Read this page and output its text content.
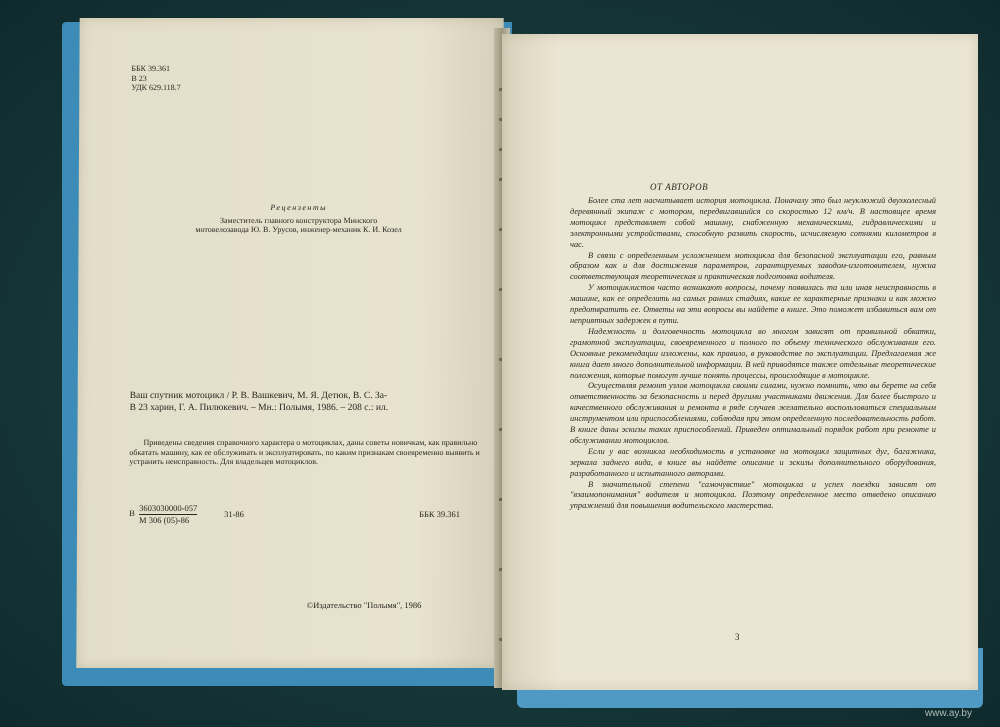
ББК 39.361
В 23
УДК 629.118.7
Рецензенты
Заместитель главного конструктора Минского
мотовелозавода Ю. В. Урусов, инженер-механик К. И. Козел
Ваш спутник мотоцикл / Р. В. Вашкевич, М. Я. Детюк, В. С. За-
В 23 харин, Г. А. Пилюкевич. – Мн.: Полымя, 1986. – 208 с.: ил.
Приведены сведения справочного характера о мотоциклах, даны советы новичкам, как правильно обкатать машину, как ее обслуживать и эксплуатировать, по каким признакам своевременно выявить и устранить неисправность. Для владельцев мотоциклов.
В 3603030000-057
М 306 (05)-86
31-86	ББК 39.361
©Издательство "Полымя", 1986
ОТ АВТОРОВ

Более ста лет насчитывает история мотоцикла. Поначалу это был неуклюжий двухколесный деревянный экипаж с мотором, передвигавшийся со скоростью 12 км/ч. В настоящее время мотоцикл представляет собой машину, снабженную механическими, гидравлическими и электронными устройствами, способную развить скорость, исчисляемую сотнями километров в час.

В связи с определенным усложнением мотоцикла для безопасной эксплуатации его, равным образом как и для достижения параметров, гарантируемых заводом-изготовителем, нужна соответствующая теоретическая и практическая подготовка водителя.

У мотоциклистов часто возникают вопросы, почему появилась та или иная неисправность в машине, как ее определить на самых ранних стадиях, какие ее характерные признаки и как можно предотвратить ее. Ответы на эти вопросы вы найдете в книге. Это поможет избавиться вам от неприятных задержек в пути.

Надежность и долговечность мотоцикла во многом зависят от правильной обкатки, грамотной эксплуатации, своевременного и полного по объему технического обслуживания его. Основные рекомендации изложены, как правило, в руководстве по эксплуатации. Предлагаемая же книга дает много дополнительной информации. В ней приводятся также отдельные теоретические положения, которые помогут лучше понять процессы, происходящие в мотоцикле.

Осуществляя ремонт узлов мотоцикла своими силами, нужно помнить, что вы берете на себя ответственность за безопасность и перед другими участниками движения. Для более быстрого и качественного обслуживания и ремонта в ряде случаев желательно воспользоваться специальным инструментом или приспособлениями, соблюдая при этом определенную последовательность работ. В книге даны эскизы таких приспособлений. Приведен оптимальный порядок работ при ремонте и обслуживании мотоциклов.

Если у вас возникла необходимость в установке на мотоцикл защитных дуг, багажника, зеркала заднего вида, в книге вы найдете описание и эскизы дополнительного оборудования, разработанного и испытанного авторами.

В значительной степени "самочувствие" мотоцикла и успех поездки зависят от "взаимопонимания" водителя и мотоцикла. Поэтому определенное место отведено описанию упражнений для повышения водительского мастерства.

3
www.ay.by
